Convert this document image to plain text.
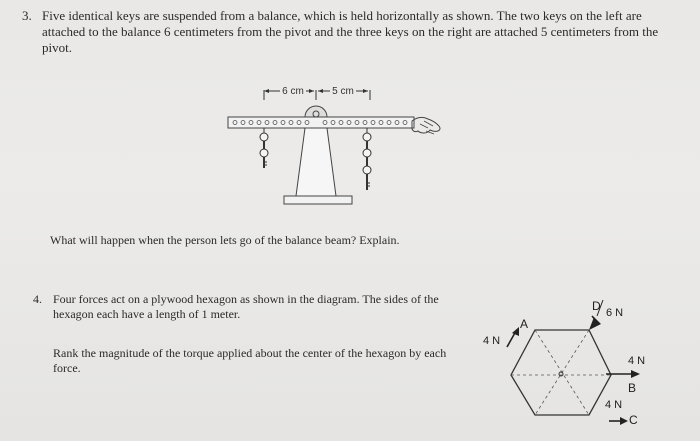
3. Five identical keys are suspended from a balance, which is held horizontally as shown. The two keys on the left are attached to the balance 6 centimeters from the pivot and the three keys on the right are attached 5 centimeters from the pivot.
6 cm	5 cm
What will happen when the person lets go of the balance beam? Explain.
4. Four forces act on a plywood hexagon as shown in the diagram. The sides of the hexagon each have a length of 1 meter.
Rank the magnitude of the torque applied about the center of the hexagon by each force.
A
4 N
D 6 N
4 N
B
4 N
C
